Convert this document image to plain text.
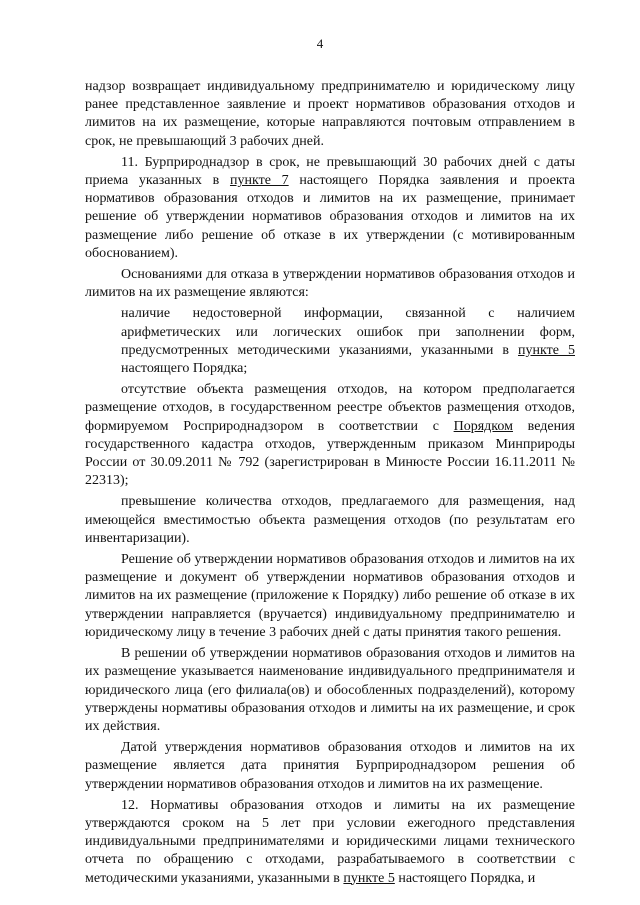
4

надзор возвращает индивидуальному предпринимателю и юридическому лицу ранее представленное заявление и проект нормативов образования отходов и лимитов на их размещение, которые направляются почтовым отправлением в срок, не превышающий 3 рабочих дней.

11. Бурприроднадзор в срок, не превышающий 30 рабочих дней с даты приема указанных в пункте 7 настоящего Порядка заявления и проекта нормативов образования отходов и лимитов на их размещение, принимает решение об утверждении нормативов образования отходов и лимитов на их размещение либо решение об отказе в их утверждении (с мотивированным обоснованием).

Основаниями для отказа в утверждении нормативов образования отходов и лимитов на их размещение являются:

наличие недостоверной информации, связанной с наличием арифметических или логических ошибок при заполнении форм, предусмотренных методическими указаниями, указанными в пункте 5 настоящего Порядка;

отсутствие объекта размещения отходов, на котором предполагается размещение отходов, в государственном реестре объектов размещения отходов, формируемом Росприроднадзором в соответствии с Порядком ведения государственного кадастра отходов, утвержденным приказом Минприроды России от 30.09.2011 № 792 (зарегистрирован в Минюсте России 16.11.2011 № 22313);

превышение количества отходов, предлагаемого для размещения, над имеющейся вместимостью объекта размещения отходов (по результатам его инвентаризации).

Решение об утверждении нормативов образования отходов и лимитов на их размещение и документ об утверждении нормативов образования отходов и лимитов на их размещение (приложение к Порядку) либо решение об отказе в их утверждении направляется (вручается) индивидуальному предпринимателю и юридическому лицу в течение 3 рабочих дней с даты принятия такого решения.

В решении об утверждении нормативов образования отходов и лимитов на их размещение указывается наименование индивидуального предпринимателя и юридического лица (его филиала(ов) и обособленных подразделений), которому утверждены нормативы образования отходов и лимиты на их размещение, и срок их действия.

Датой утверждения нормативов образования отходов и лимитов на их размещение является дата принятия Бурприроднадзором решения об утверждении нормативов образования отходов и лимитов на их размещение.

12. Нормативы образования отходов и лимиты на их размещение утверждаются сроком на 5 лет при условии ежегодного представления индивидуальными предпринимателями и юридическими лицами технического отчета по обращению с отходами, разрабатываемого в соответствии с методическими указаниями, указанными в пункте 5 настоящего Порядка, и
